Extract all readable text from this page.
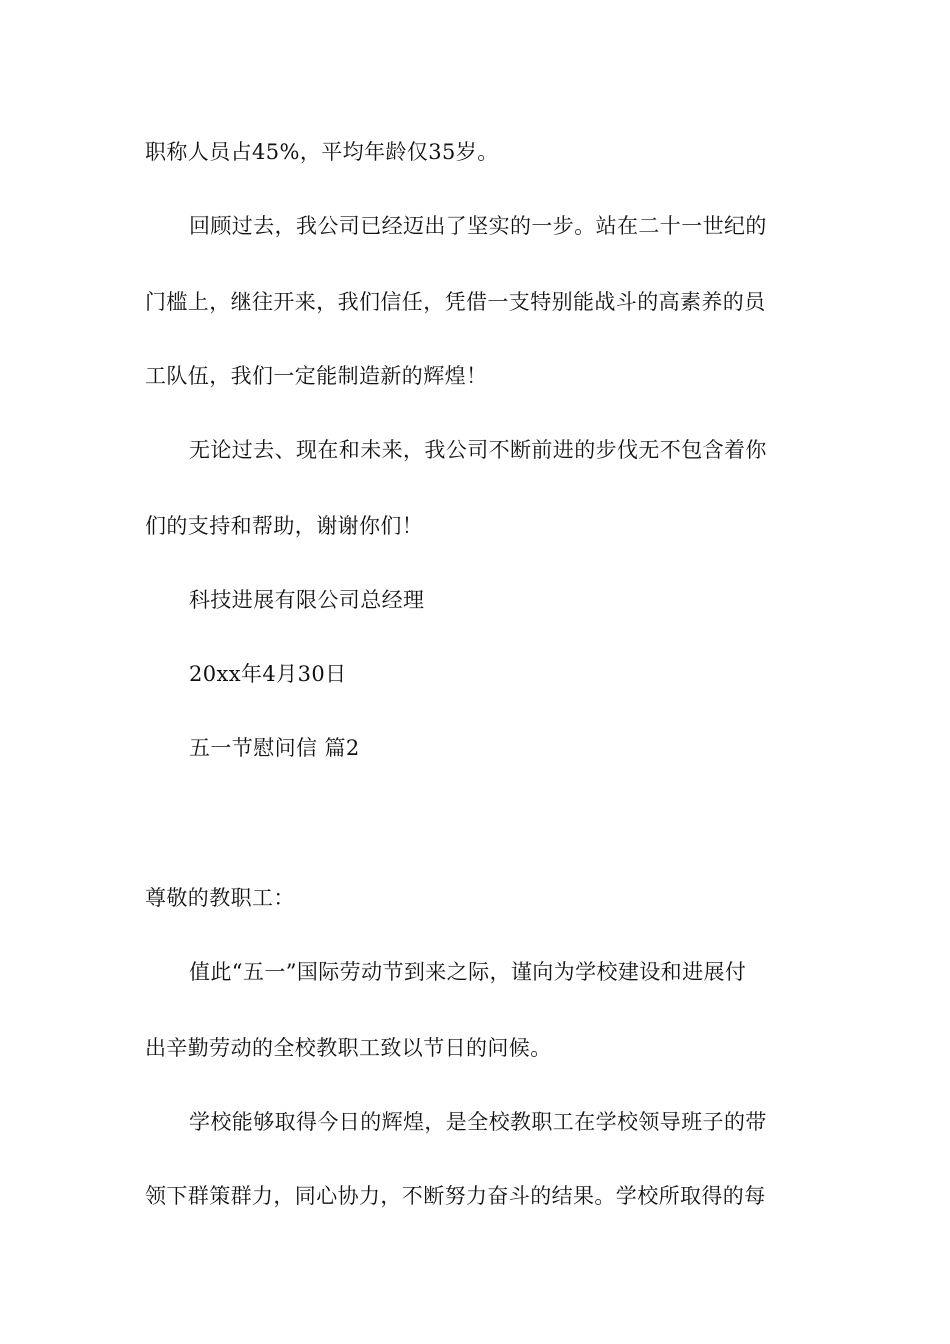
职称人员占45%，平均年龄仅35岁。
回顾过去，我公司已经迈出了坚实的一步。站在二十一世纪的
门槛上，继往开来，我们信任，凭借一支特别能战斗的高素养的员
工队伍，我们一定能制造新的辉煌！
无论过去、现在和未来，我公司不断前进的步伐无不包含着你
们的支持和帮助，谢谢你们！
科技进展有限公司总经理
20xx年4月30日
五一节慰问信 篇2
尊敬的教职工：
值此“五一”国际劳动节到来之际，谨向为学校建设和进展付
出辛勤劳动的全校教职工致以节日的问候。
学校能够取得今日的辉煌，是全校教职工在学校领导班子的带
领下群策群力，同心协力，不断努力奋斗的结果。学校所取得的每
